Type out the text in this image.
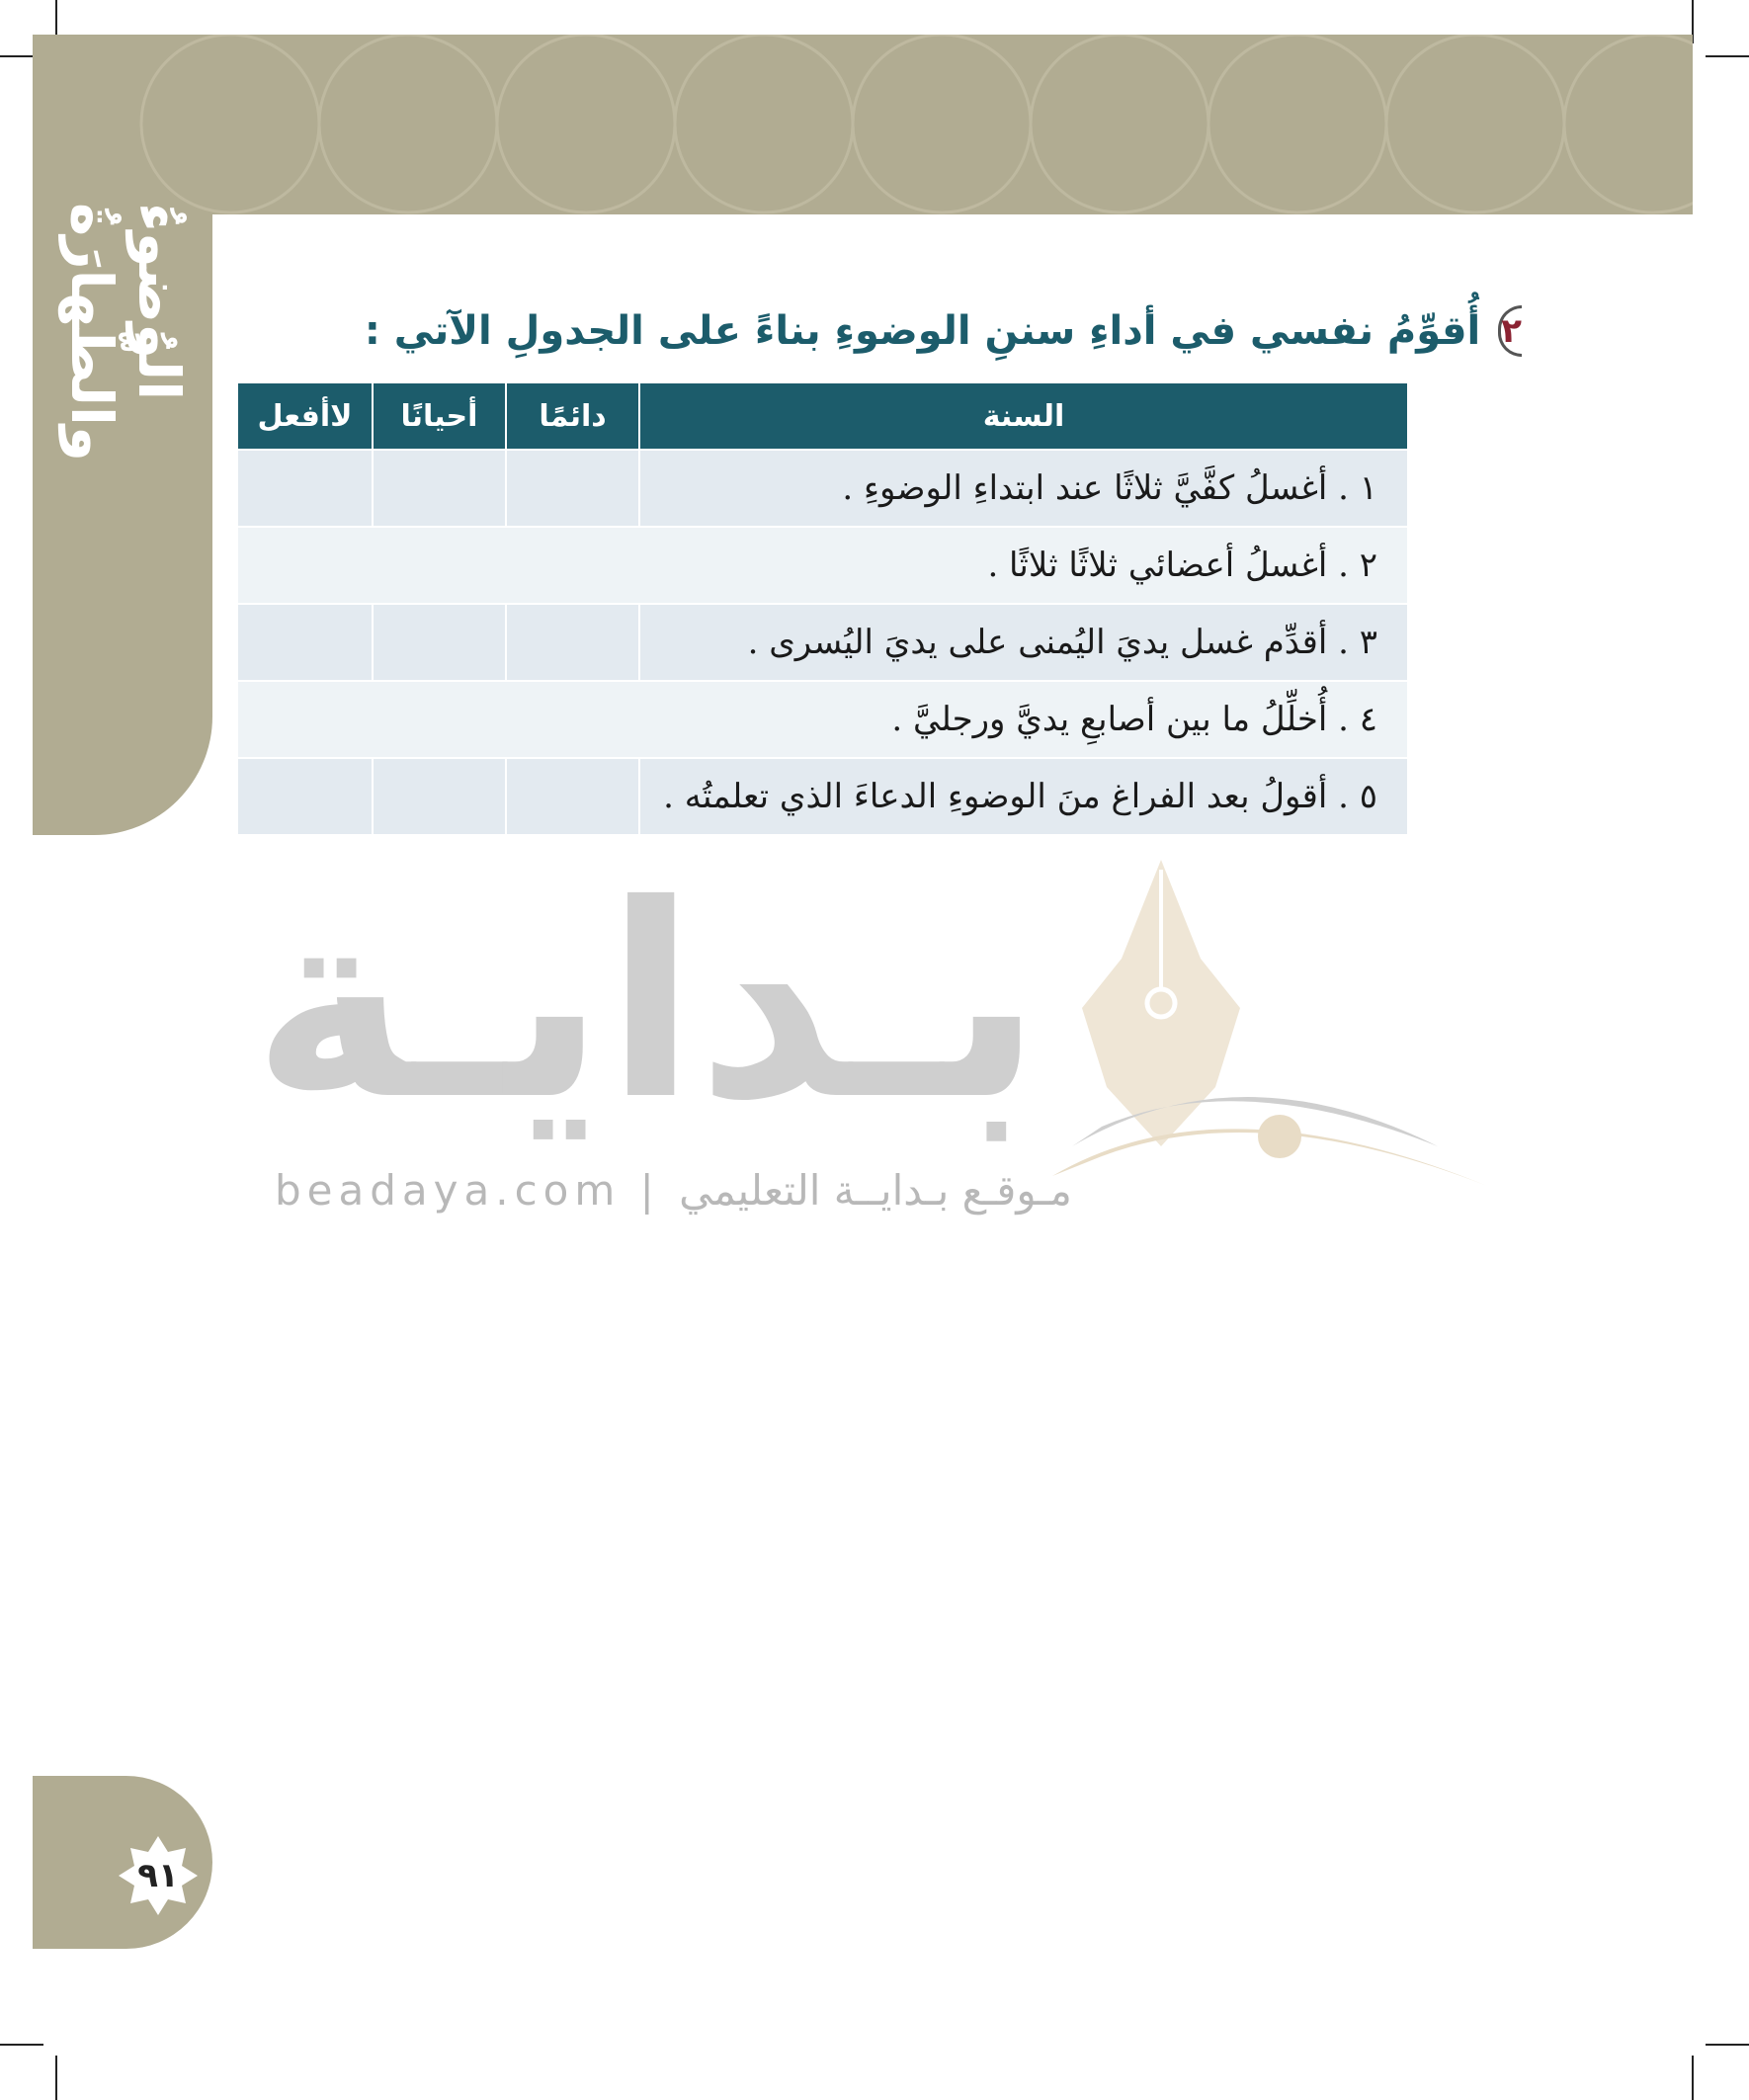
الوُضوءُ والطَّهارَةُ	٢
أُقوِّمُ نفسي في أداءِ سننِ الوضوءِ بناءً على الجدولِ الآتي :
السنة	دائمًا	أحيانًا	لاأفعل
١ . أغسلُ كفَّيَّ ثلاثًا عند ابتداءِ الوضوءِ .			
٢ . أغسلُ أعضائي ثلاثًا ثلاثًا .			
٣ . أقدِّم غسل يديَ اليُمنى على يديَ اليُسرى .			
٤ . أُخلِّلُ ما بين أصابعِ يديَّ ورجليَّ .			
٥ . أقولُ بعد الفراغ منَ الوضوءِ الدعاءَ الذي تعلمتُه .			
بـدايـة
beadaya.com | مـوقـع بـدايــة التعليمي
٩١
